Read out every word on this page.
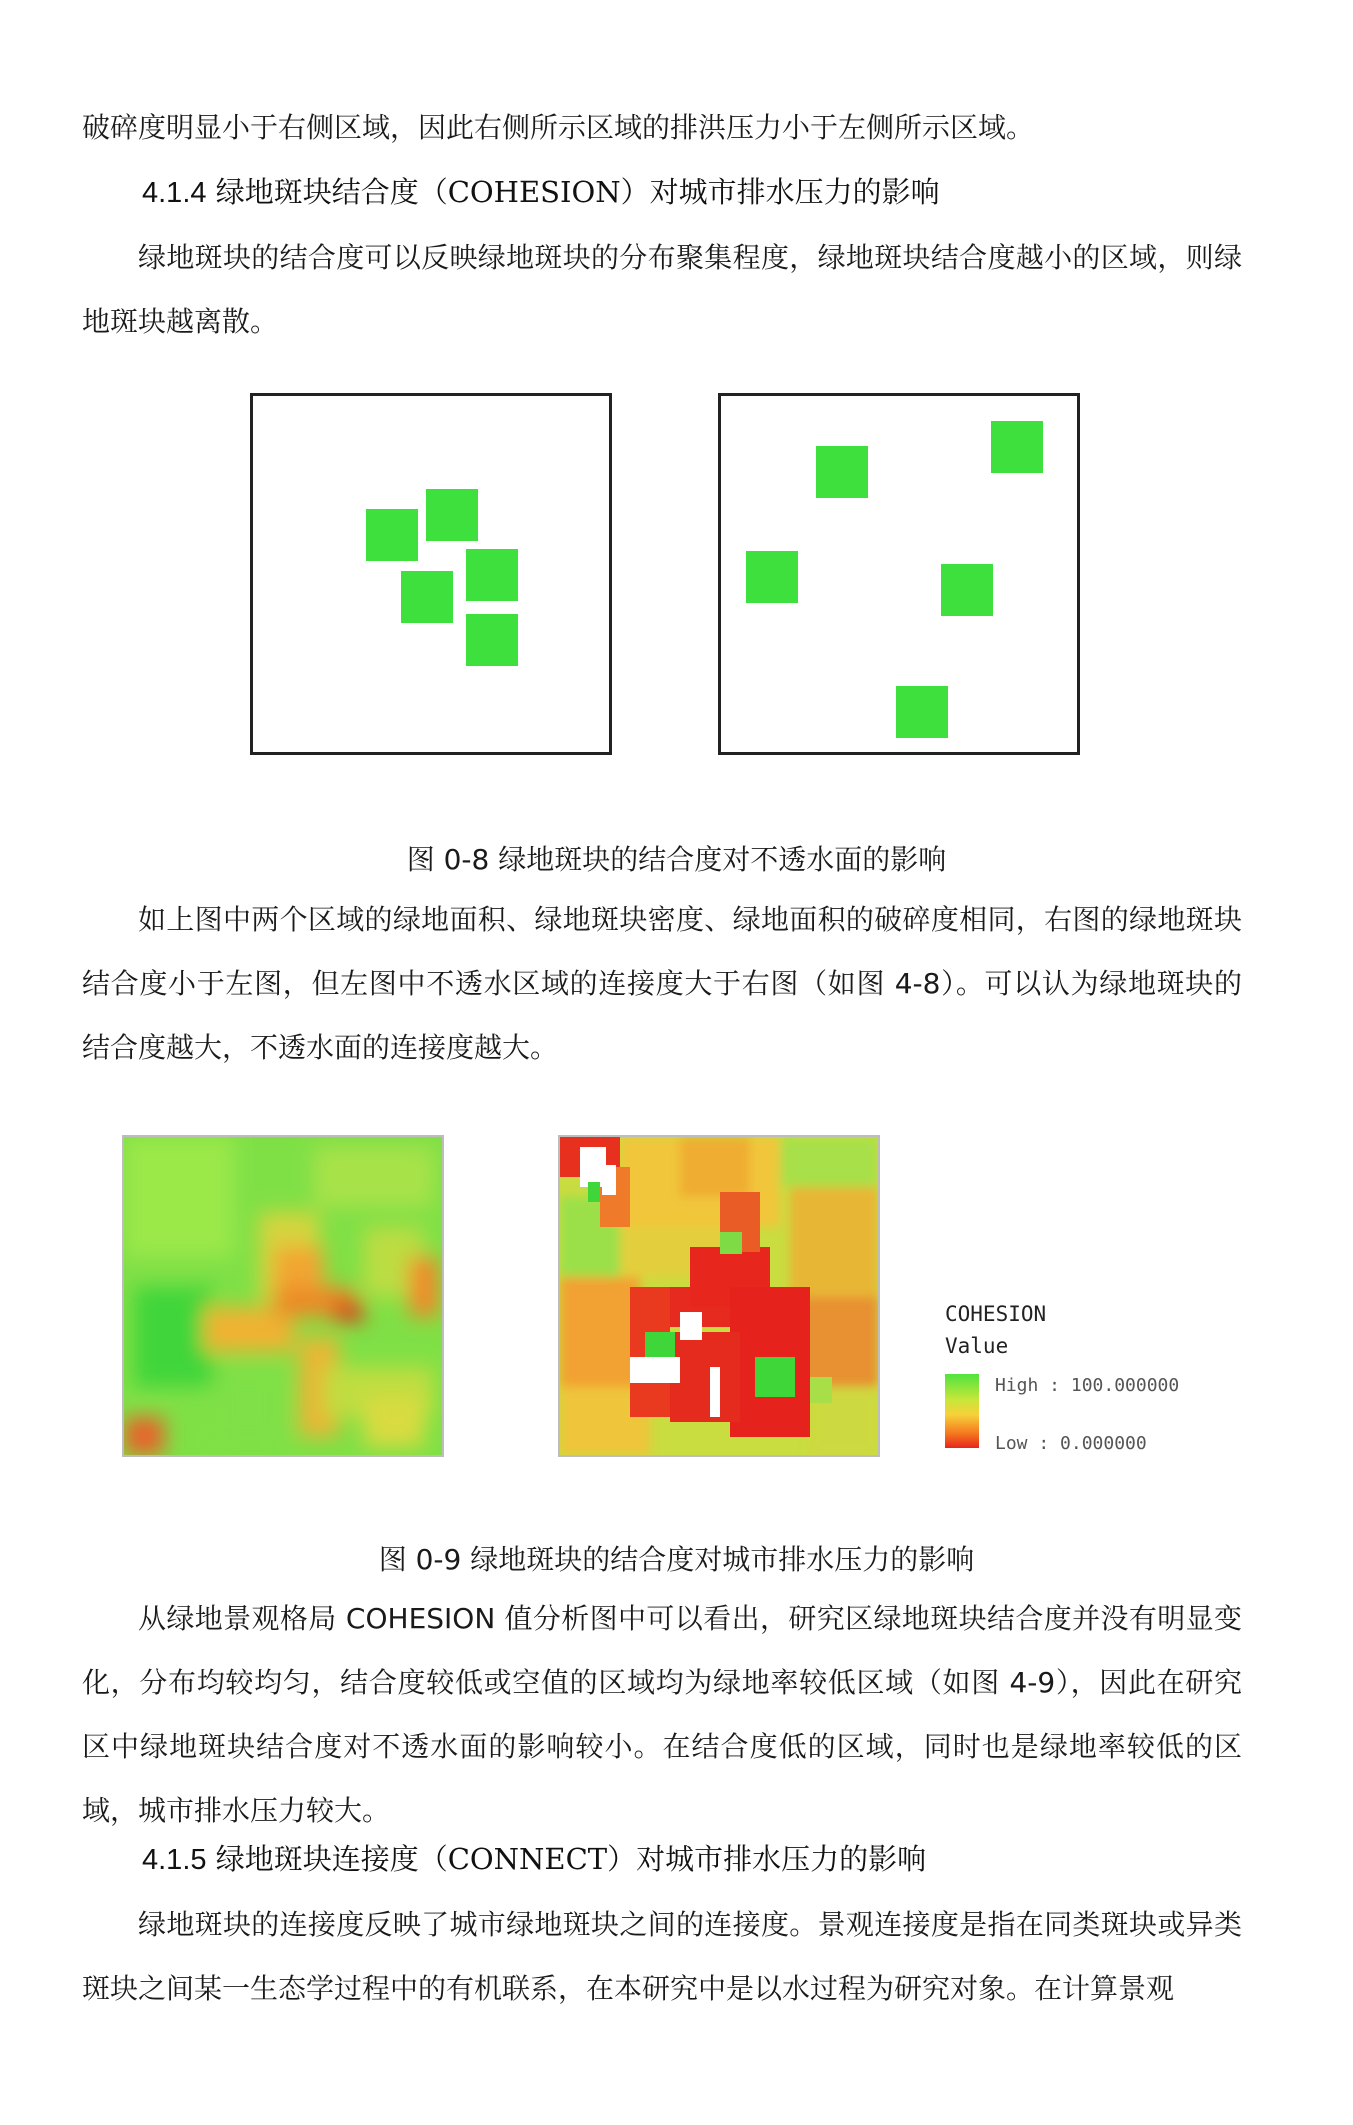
破碎度明显小于右侧区域，因此右侧所示区域的排洪压力小于左侧所示区域。

4.1.4 绿地斑块结合度（COHESION）对城市排水压力的影响

绿地斑块的结合度可以反映绿地斑块的分布聚集程度，绿地斑块结合度越小的区域，则绿地斑块越离散。

图 0-8 绿地斑块的结合度对不透水面的影响

如上图中两个区域的绿地面积、绿地斑块密度、绿地面积的破碎度相同，右图的绿地斑块结合度小于左图，但左图中不透水区域的连接度大于右图（如图 4-8）。可以认为绿地斑块的结合度越大，不透水面的连接度越大。

COHESION
Value
High : 100.000000
Low : 0.000000

图 0-9 绿地斑块的结合度对城市排水压力的影响

从绿地景观格局 COHESION 值分析图中可以看出，研究区绿地斑块结合度并没有明显变化，分布均较均匀，结合度较低或空值的区域均为绿地率较低区域（如图 4-9），因此在研究区中绿地斑块结合度对不透水面的影响较小。在结合度低的区域，同时也是绿地率较低的区域，城市排水压力较大。

4.1.5 绿地斑块连接度（CONNECT）对城市排水压力的影响

绿地斑块的连接度反映了城市绿地斑块之间的连接度。景观连接度是指在同类斑块或异类斑块之间某一生态学过程中的有机联系，在本研究中是以水过程为研究对象。在计算景观
